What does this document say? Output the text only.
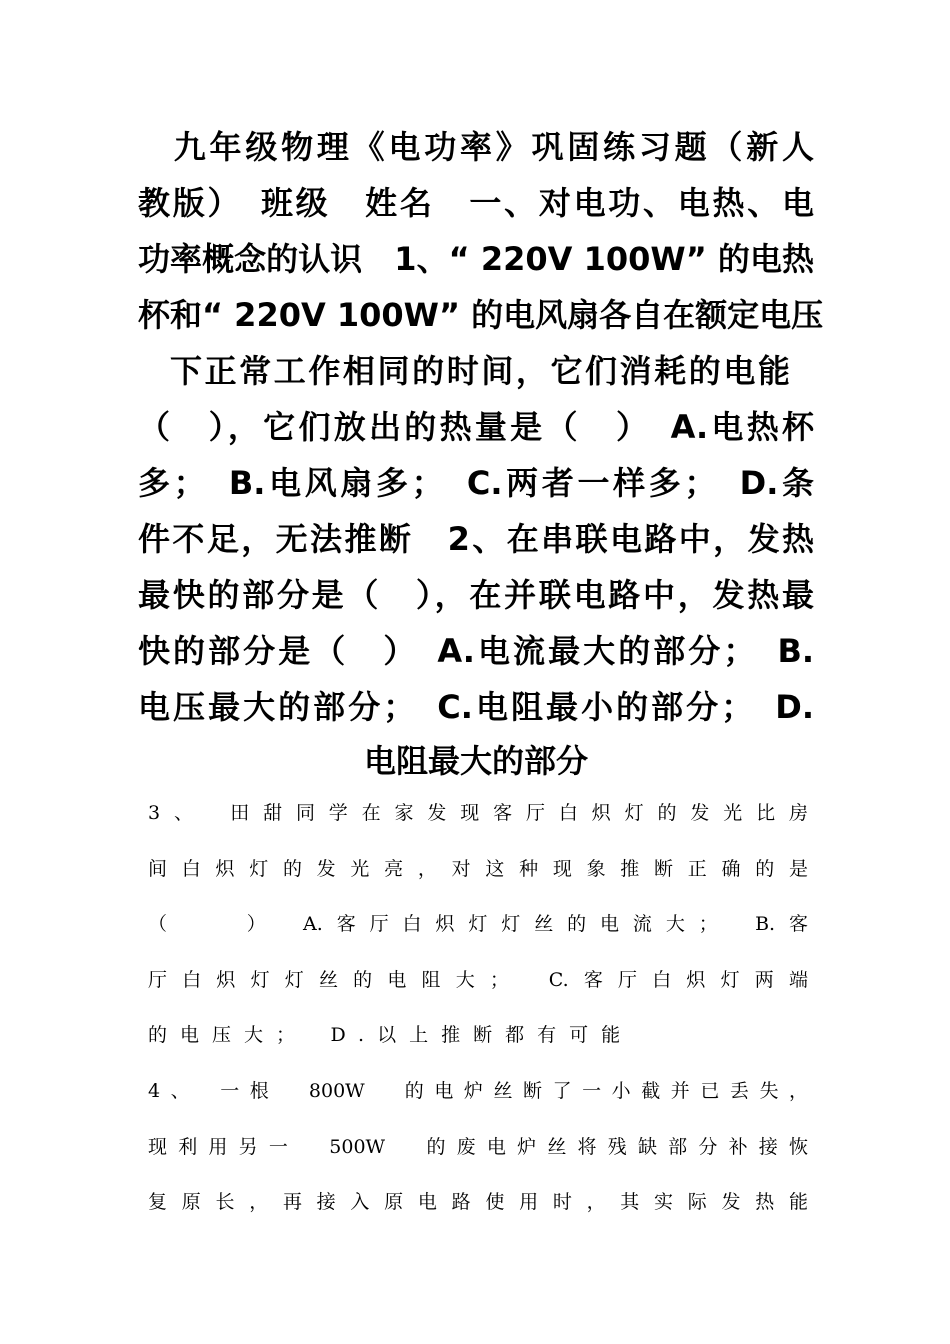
　九年级物理《电功率》巩固练习题（新人
教版）　班级　姓名　一、对电功、电热、电
功率概念的认识　1、“ 220V 100W” 的电热
杯和“ 220V 100W” 的电风扇各自在额定电压
下正常工作相同的时间，它们消耗的电能
（　），它们放出的热量是（　）　A.电热杯
多；　B.电风扇多；　C.两者一样多；　D.条
件不足，无法推断　2、在串联电路中，发热
最快的部分是（　），在并联电路中，发热最
快的部分是（　）　A.电流最大的部分；　B.
电压最大的部分；　C.电阻最小的部分；　D.
电阻最大的部分
3、　田甜同学在家发现客厅白炽灯的发光比房
间白炽灯的发光亮，对这种现象推断正确的是
（　　）　A.客厅白炽灯灯丝的电流大；　B.客
厅白炽灯灯丝的电阻大；　C.客厅白炽灯两端
的电压大；　D.以上推断都有可能
4、　一根　800W　的电炉丝断了一小截并已丢失，
现利用另一　500W　的废电炉丝将残缺部分补接恢
复原长，再接入原电路使用时，其实际发热能
